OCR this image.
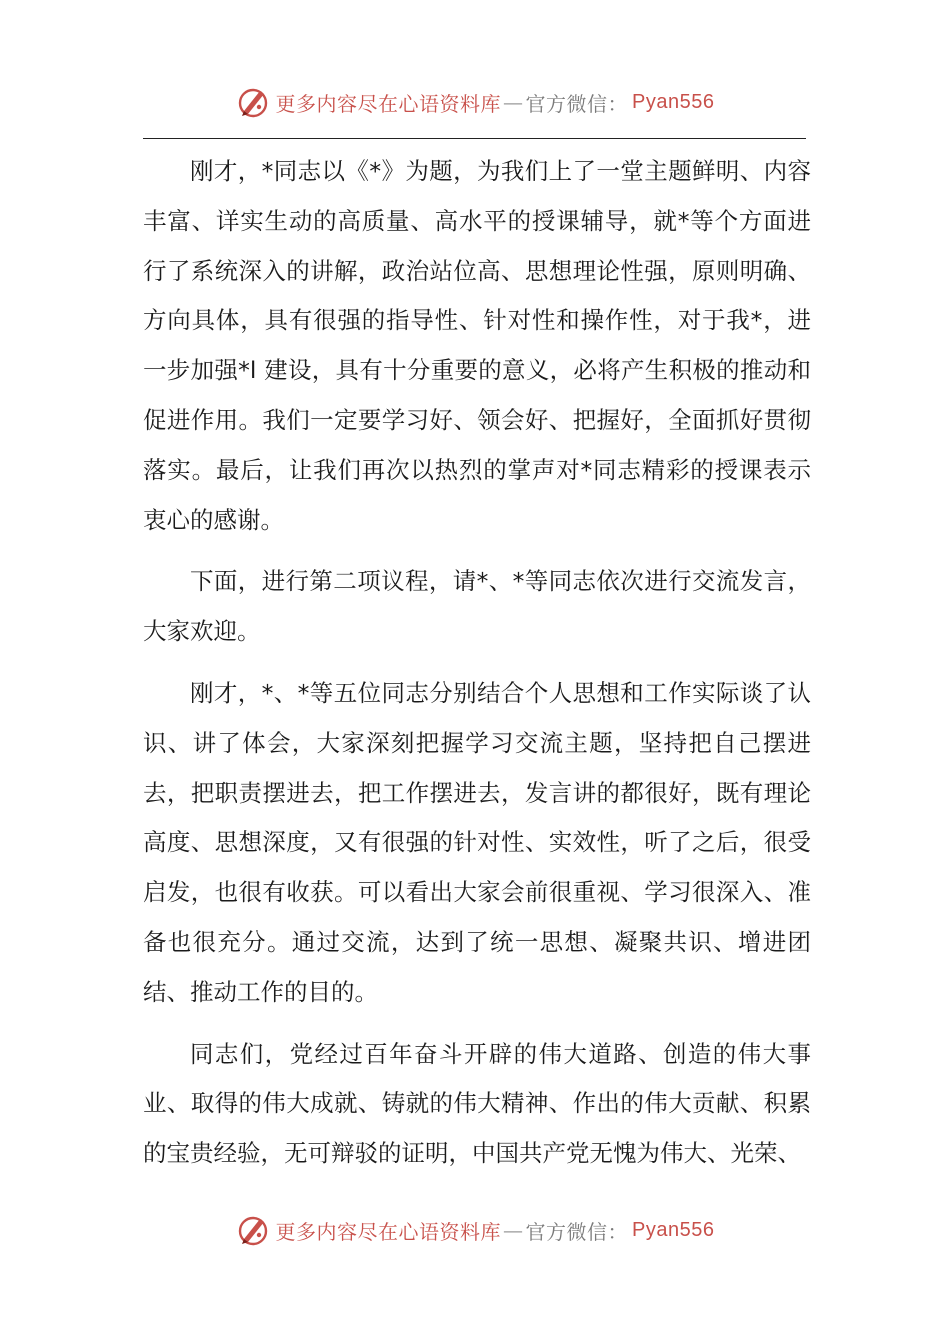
更多内容尽在心语资料库 — 官方微信： Pyan556

刚才，*同志以《*》为题，为我们上了一堂主题鲜明、内容丰富、详实生动的高质量、高水平的授课辅导，就*等个方面进行了系统深入的讲解，政治站位高、思想理论性强，原则明确、方向具体，具有很强的指导性、针对性和操作性，对于我*，进一步加强*l 建设，具有十分重要的意义，必将产生积极的推动和促进作用。我们一定要学习好、领会好、把握好，全面抓好贯彻落实。最后，让我们再次以热烈的掌声对*同志精彩的授课表示衷心的感谢。

下面，进行第二项议程，请*、*等同志依次进行交流发言，大家欢迎。

刚才，*、*等五位同志分别结合个人思想和工作实际谈了认识、讲了体会，大家深刻把握学习交流主题，坚持把自己摆进去，把职责摆进去，把工作摆进去，发言讲的都很好，既有理论高度、思想深度，又有很强的针对性、实效性，听了之后，很受启发，也很有收获。可以看出大家会前很重视、学习很深入、准备也很充分。通过交流，达到了统一思想、凝聚共识、增进团结、推动工作的目的。

同志们，党经过百年奋斗开辟的伟大道路、创造的伟大事业、取得的伟大成就、铸就的伟大精神、作出的伟大贡献、积累的宝贵经验，无可辩驳的证明，中国共产党无愧为伟大、光荣、

更多内容尽在心语资料库 — 官方微信： Pyan556
